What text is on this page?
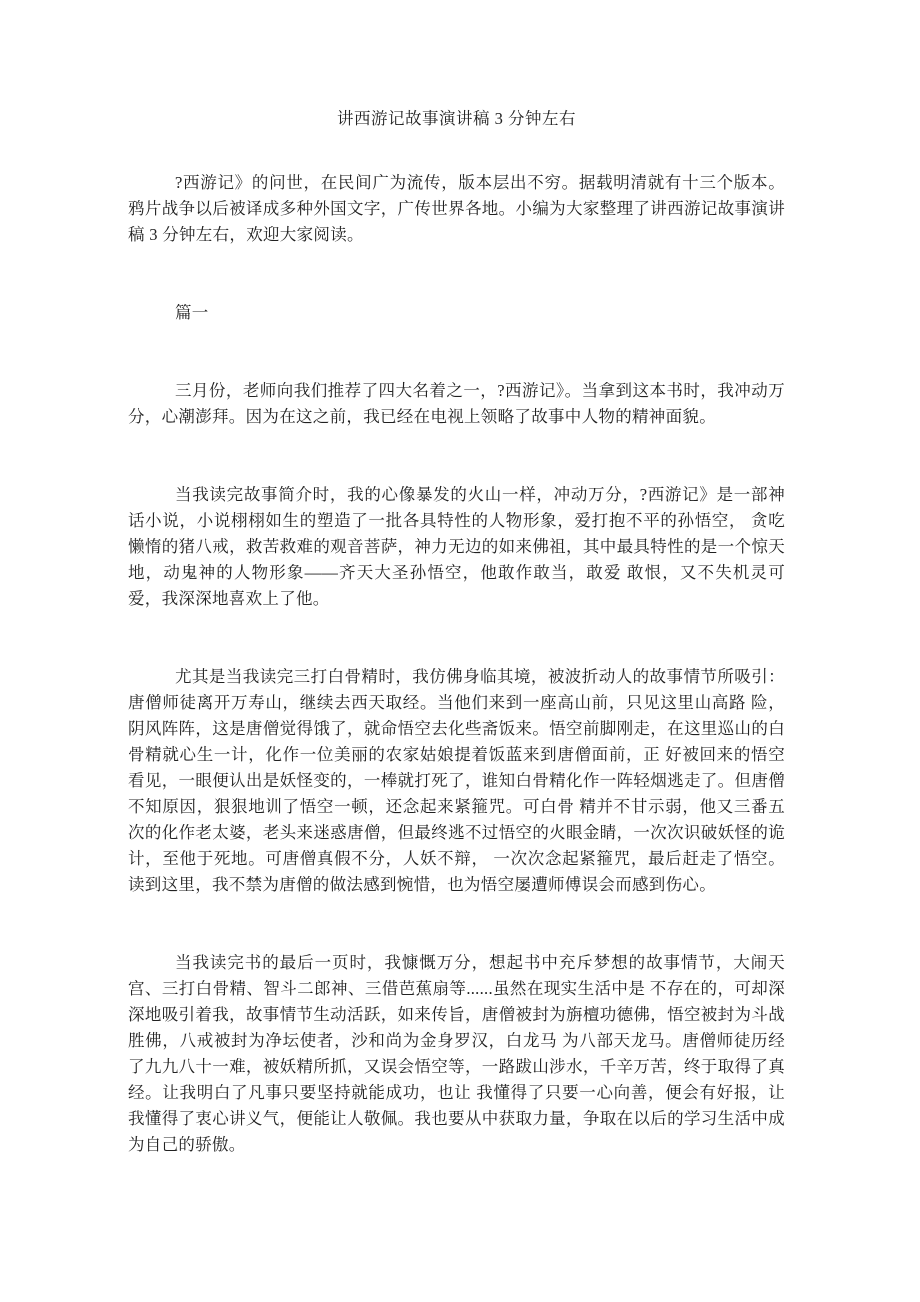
讲西游记故事演讲稿 3 分钟左右

?西游记》的问世，在民间广为流传，版本层出不穷。据载明清就有十三个版本。鸦片战争以后被译成多种外国文字，广传世界各地。小编为大家整理了讲西游记故事演讲稿 3 分钟左右，欢迎大家阅读。

篇一

三月份，老师向我们推荐了四大名着之一，?西游记》。当拿到这本书时，我冲动万分，心潮澎拜。因为在这之前，我已经在电视上领略了故事中人物的精神面貌。

当我读完故事简介时，我的心像暴发的火山一样，冲动万分，?西游记》是一部神话小说，小说栩栩如生的塑造了一批各具特性的人物形象，爱打抱不平的孙悟空， 贪吃懒惰的猪八戒，救苦救难的观音菩萨，神力无边的如来佛祖，其中最具特性的是一个惊天地，动鬼神的人物形象——齐天大圣孙悟空，他敢作敢当，敢爱 敢恨，又不失机灵可爱，我深深地喜欢上了他。

尤其是当我读完三打白骨精时，我仿佛身临其境，被波折动人的故事情节所吸引：唐僧师徒离开万寿山，继续去西天取经。当他们来到一座高山前，只见这里山高路 险，阴风阵阵，这是唐僧觉得饿了，就命悟空去化些斋饭来。悟空前脚刚走，在这里巡山的白骨精就心生一计，化作一位美丽的农家姑娘提着饭蓝来到唐僧面前，正 好被回来的悟空看见，一眼便认出是妖怪变的，一棒就打死了，谁知白骨精化作一阵轻烟逃走了。但唐僧不知原因，狠狠地训了悟空一顿，还念起来紧箍咒。可白骨 精并不甘示弱，他又三番五次的化作老太婆，老头来迷惑唐僧，但最终逃不过悟空的火眼金睛，一次次识破妖怪的诡计，至他于死地。可唐僧真假不分，人妖不辩， 一次次念起紧箍咒，最后赶走了悟空。读到这里，我不禁为唐僧的做法感到惋惜，也为悟空屡遭师傅误会而感到伤心。

当我读完书的最后一页时，我慷慨万分，想起书中充斥梦想的故事情节，大闹天宫、三打白骨精、智斗二郎神、三借芭蕉扇等......虽然在现实生活中是 不存在的，可却深深地吸引着我，故事情节生动活跃，如来传旨，唐僧被封为旃檀功德佛，悟空被封为斗战胜佛，八戒被封为净坛使者，沙和尚为金身罗汉，白龙马 为八部天龙马。唐僧师徒历经了九九八十一难，被妖精所抓，又误会悟空等，一路跋山涉水，千辛万苦，终于取得了真经。让我明白了凡事只要坚持就能成功，也让 我懂得了只要一心向善，便会有好报，让我懂得了衷心讲义气，便能让人敬佩。我也要从中获取力量，争取在以后的学习生活中成为自己的骄傲。
